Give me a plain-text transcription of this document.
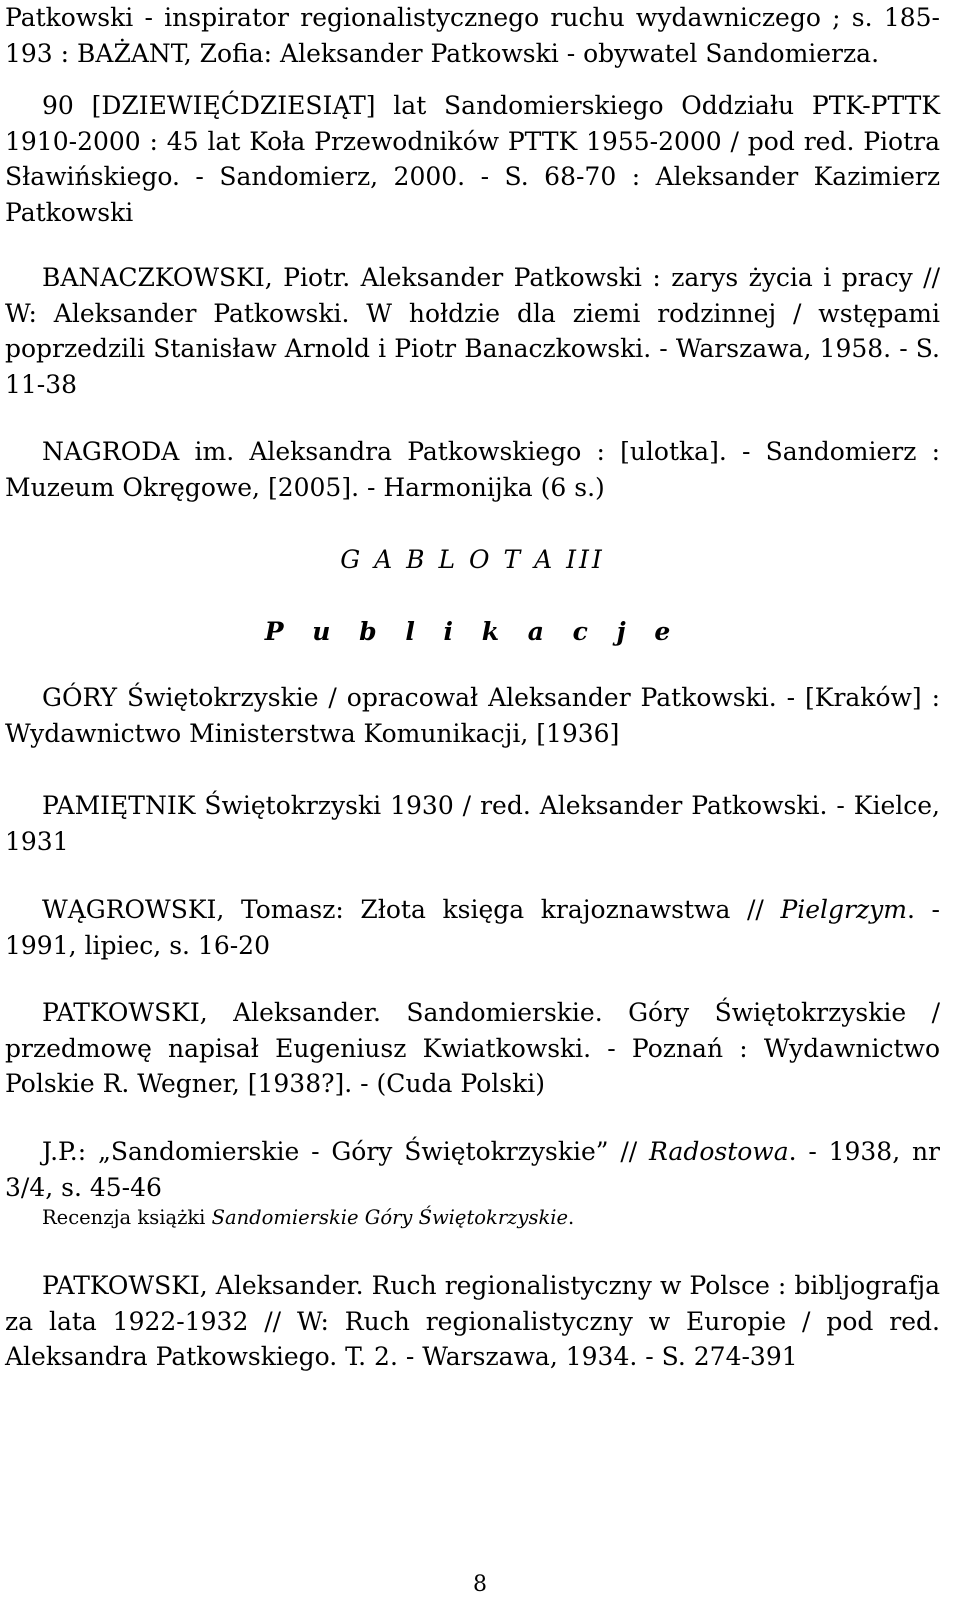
Patkowski - inspirator regionalistycznego ruchu wydawniczego ; s. 185-193 : BAŻANT, Zofia: Aleksander Patkowski - obywatel Sandomierza.

90 [DZIEWIĘĆDZIESIĄT] lat Sandomierskiego Oddziału PTK-PTTK 1910-2000 : 45 lat Koła Przewodników PTTK 1955-2000 / pod red. Piotra Sławińskiego. - Sandomierz, 2000. - S. 68-70 : Aleksander Kazimierz Patkowski

BANACZKOWSKI, Piotr. Aleksander Patkowski : zarys życia i pracy // W: Aleksander Patkowski. W hołdzie dla ziemi rodzinnej / wstępami poprzedzili Stanisław Arnold i Piotr Banaczkowski. - Warszawa, 1958. - S. 11-38

NAGRODA im. Aleksandra Patkowskiego : [ulotka]. - Sandomierz : Muzeum Okręgowe, [2005]. - Harmonijka (6 s.)

G A B L O T A III

P u b l i k a c j e

GÓRY Świętokrzyskie / opracował Aleksander Patkowski. - [Kraków] : Wydawnictwo Ministerstwa Komunikacji, [1936]

PAMIĘTNIK Świętokrzyski 1930 / red. Aleksander Patkowski. - Kielce, 1931

WĄGROWSKI, Tomasz: Złota księga krajoznawstwa // Pielgrzym. - 1991, lipiec, s. 16-20

PATKOWSKI, Aleksander. Sandomierskie. Góry Świętokrzyskie / przedmowę napisał Eugeniusz Kwiatkowski. - Poznań : Wydawnictwo Polskie R. Wegner, [1938?]. - (Cuda Polski)

J.P.: „Sandomierskie - Góry Świętokrzyskie” // Radostowa. - 1938, nr 3/4, s. 45-46

Recenzja książki Sandomierskie Góry Świętokrzyskie.

PATKOWSKI, Aleksander. Ruch regionalistyczny w Polsce : bibljografja za lata 1922-1932 // W: Ruch regionalistyczny w Europie / pod red. Aleksandra Patkowskiego. T. 2. - Warszawa, 1934. - S. 274-391

8
